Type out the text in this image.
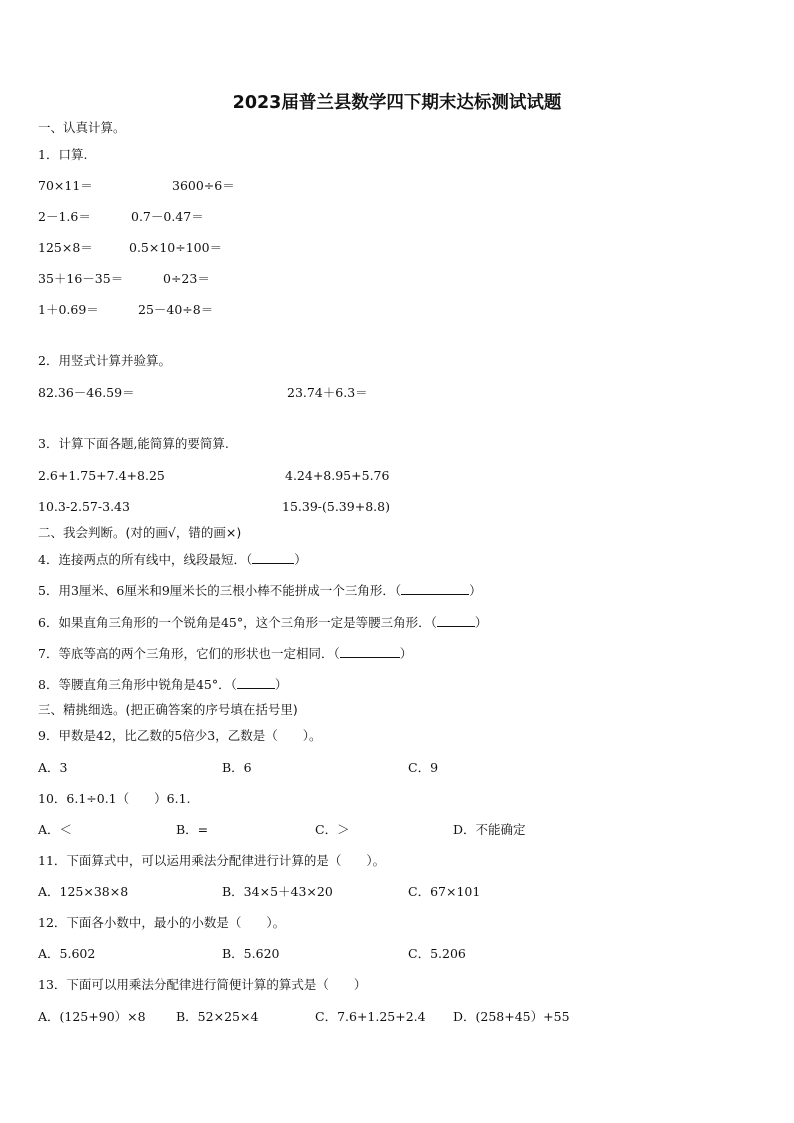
2023届普兰县数学四下期末达标测试试题
一、认真计算。
1．口算.
70×11＝	3600÷6＝
2－1.6＝	0.7－0.47＝
125×8＝	0.5×10÷100＝
35＋16－35＝	0÷23＝
1＋0.69＝	25－40÷8＝
2．用竖式计算并验算。
82.36－46.59＝	23.74＋6.3＝
3．计算下面各题,能简算的要简算.
2.6+1.75+7.4+8.25	4.24+8.95+5.76
10.3-2.57-3.43	15.39-(5.39+8.8)
二、我会判断。(对的画√，错的画×)
4．连接两点的所有线中，线段最短．（	）
5．用3厘米、6厘米和9厘米长的三根小棒不能拼成一个三角形．（	）
6．如果直角三角形的一个锐角是45°，这个三角形一定是等腰三角形．（	）
7．等底等高的两个三角形，它们的形状也一定相同．（	）
8．等腰直角三角形中锐角是45°．（	）
三、精挑细选。(把正确答案的序号填在括号里)
9．甲数是42，比乙数的5倍少3，乙数是（　　）。
A．3	B．6	C．9
10．6.1÷0.1（　　）6.1.
A．＜	B．=	C．＞	D．不能确定
11．下面算式中，可以运用乘法分配律进行计算的是（　　）。
A．125×38×8	B．34×5＋43×20	C．67×101
12．下面各小数中，最小的小数是（　　）。
A．5.602	B．5.620	C．5.206
13．下面可以用乘法分配律进行简便计算的算式是（　　）
A．(125+90）×8 B．52×25×4	C．7.6+1.25+2.4 D．(258+45）+55
